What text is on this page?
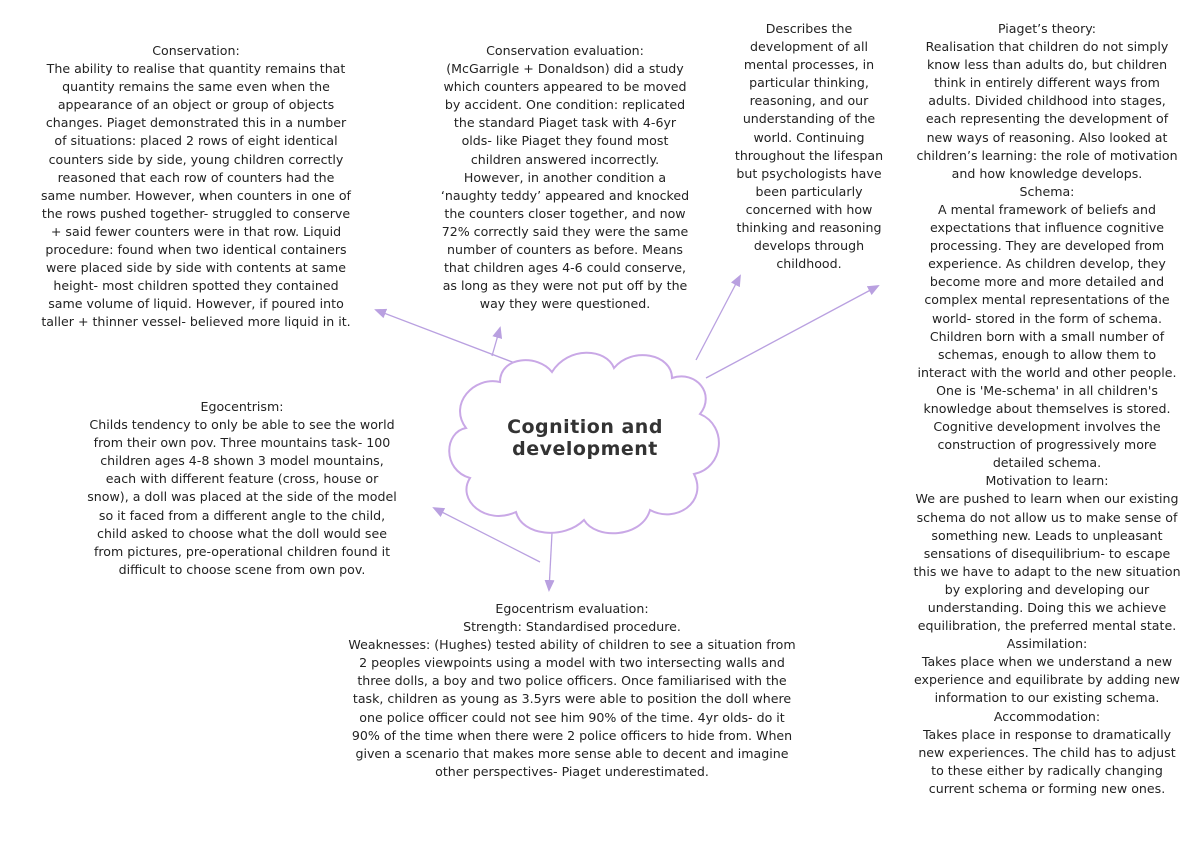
Cognition and
development

Conservation:

The ability to realise that quantity remains that quantity remains the same even when the appearance of an object or group of objects changes. Piaget demonstrated this in a number of situations: placed 2 rows of eight identical counters side by side, young children correctly reasoned that each row of counters had the same number. However, when counters in one of the rows pushed together- struggled to conserve + said fewer counters were in that row. Liquid procedure: found when two identical containers were placed side by side with contents at same height- most children spotted they contained same volume of liquid. However, if poured into taller + thinner vessel- believed more liquid in it.

Conservation evaluation:

(McGarrigle + Donaldson) did a study which counters appeared to be moved by accident. One condition: replicated the standard Piaget task with 4-6yr olds- like Piaget they found most children answered incorrectly. However, in another condition a ‘naughty teddy’ appeared and knocked the counters closer together, and now 72% correctly said they were the same number of counters as before. Means that children ages 4-6 could conserve, as long as they were not put off by the way they were questioned.

Describes the development of all mental processes, in particular thinking, reasoning, and our understanding of the world. Continuing throughout the lifespan but psychologists have been particularly concerned with how thinking and reasoning develops through childhood.

Piaget’s theory:

Realisation that children do not simply know less than adults do, but children think in entirely different ways from adults. Divided childhood into stages, each representing the development of new ways of reasoning. Also looked at children’s learning: the role of motivation and how knowledge develops.

Schema:

A mental framework of beliefs and expectations that influence cognitive processing. They are developed from experience. As children develop, they become more and more detailed and complex mental representations of the world- stored in the form of schema. Children born with a small number of schemas, enough to allow them to interact with the world and other people. One is 'Me-schema' in all children's knowledge about themselves is stored. Cognitive development involves the construction of progressively more detailed schema.

Motivation to learn:

We are pushed to learn when our existing schema do not allow us to make sense of something new. Leads to unpleasant sensations of disequilibrium- to escape this we have to adapt to the new situation by exploring and developing our understanding. Doing this we achieve equilibration, the preferred mental state.

Assimilation:

Takes place when we understand a new experience and equilibrate by adding new information to our existing schema.

Accommodation:

Takes place in response to dramatically new experiences. The child has to adjust to these either by radically changing current schema or forming new ones.

Egocentrism:

Childs tendency to only be able to see the world from their own pov. Three mountains task- 100 children ages 4-8 shown 3 model mountains, each with different feature (cross, house or snow), a doll was placed at the side of the model so it faced from a different angle to the child, child asked to choose what the doll would see from pictures, pre-operational children found it difficult to choose scene from own pov.

Egocentrism evaluation:

Strength: Standardised procedure.

Weaknesses: (Hughes) tested ability of children to see a situation from 2 peoples viewpoints using a model with two intersecting walls and three dolls, a boy and two police officers. Once familiarised with the task, children as young as 3.5yrs were able to position the doll where one police officer could not see him 90% of the time. 4yr olds- do it 90% of the time when there were 2 police officers to hide from. When given a scenario that makes more sense able to decent and imagine other perspectives- Piaget underestimated.
